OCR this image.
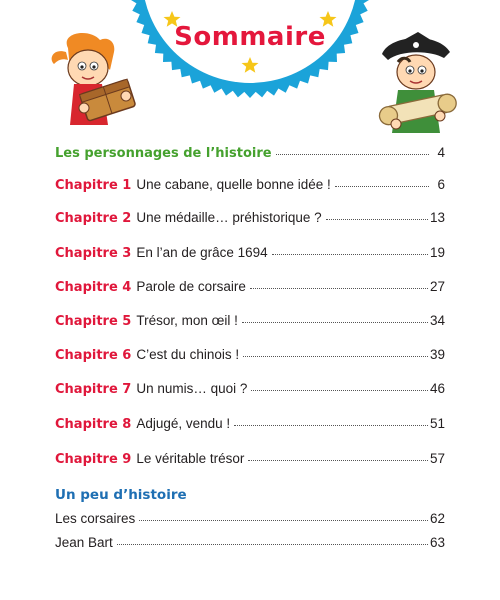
Sommaire
Les personnages de l’histoire	4
Chapitre 1 Une cabane, quelle bonne idée !	6
Chapitre 2 Une médaille… préhistorique ?	13
Chapitre 3 En l’an de grâce 1694	19
Chapitre 4 Parole de corsaire	27
Chapitre 5 Trésor, mon œil !	34
Chapitre 6 C’est du chinois !	39
Chapitre 7 Un numis… quoi ?	46
Chapitre 8 Adjugé, vendu !	51
Chapitre 9 Le véritable trésor	57
Un peu d’histoire
Les corsaires	62
Jean Bart	63
